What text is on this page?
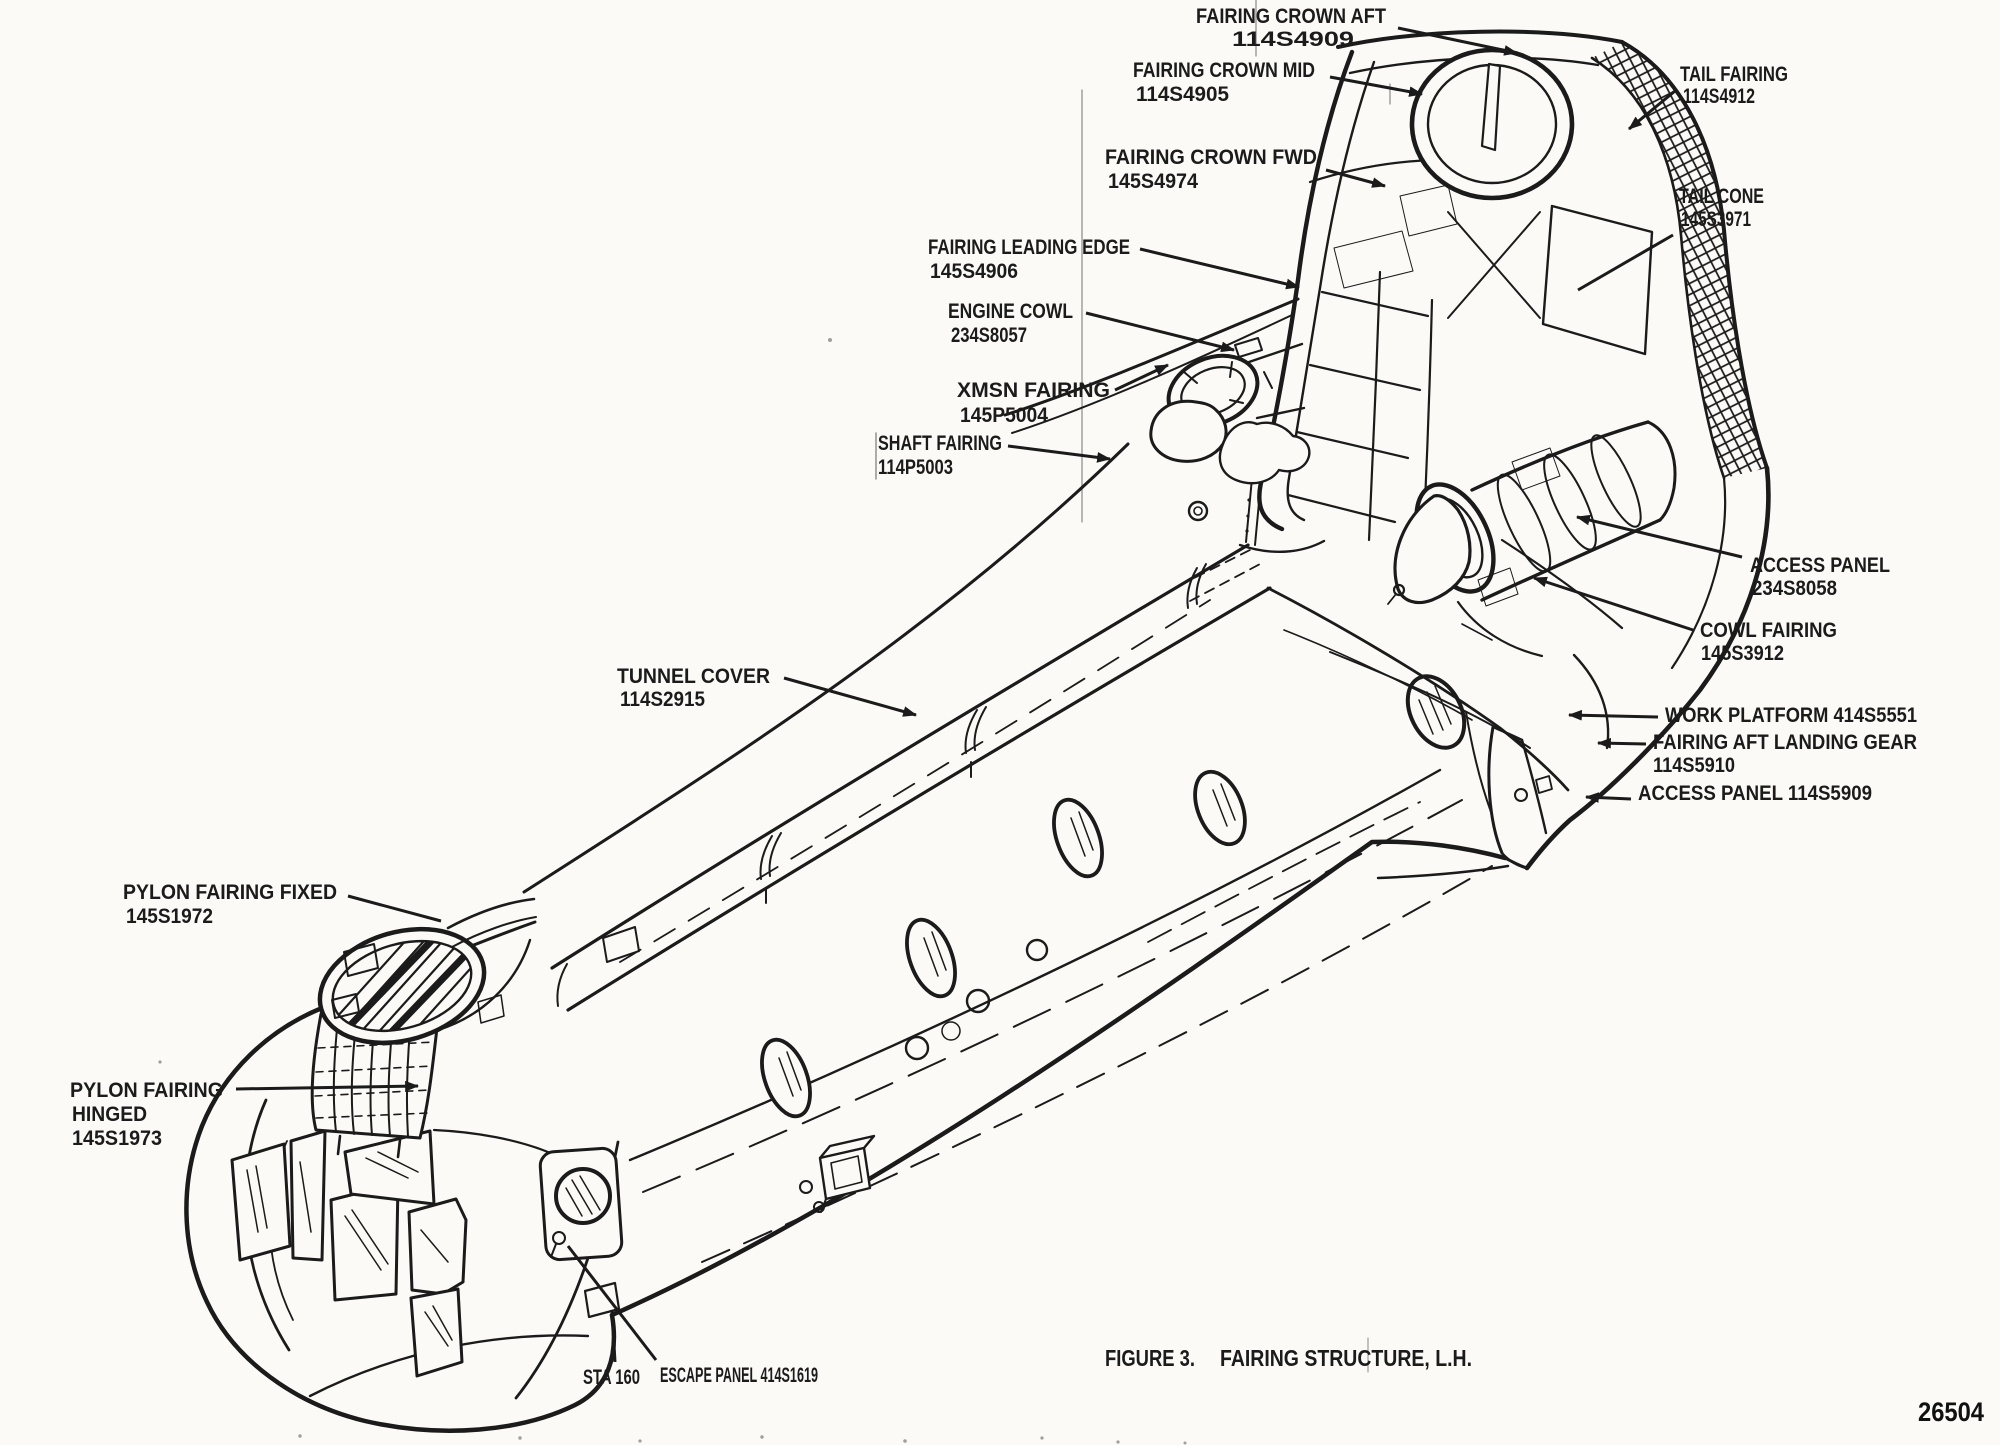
FAIRING CROWN AFT
114S4909
FAIRING CROWN MID
114S4905
TAIL FAIRING
114S4912
FAIRING CROWN FWD
145S4974
TAIL CONE
145S3971
FAIRING LEADING EDGE
145S4906
ENGINE COWL
234S8057
XMSN FAIRING
145P5004
SHAFT FAIRING
114P5003
ACCESS PANEL
234S8058
COWL FAIRING
145S3912
TUNNEL COVER
114S2915
WORK PLATFORM 414S5551
FAIRING AFT LANDING GEAR
114S5910
ACCESS PANEL 114S5909
PYLON FAIRING FIXED
145S1972
PYLON FAIRING
HINGED
145S1973
STA 160 ESCAPE PANEL 414S1619
FIGURE 3. FAIRING STRUCTURE, L.H.
26504
